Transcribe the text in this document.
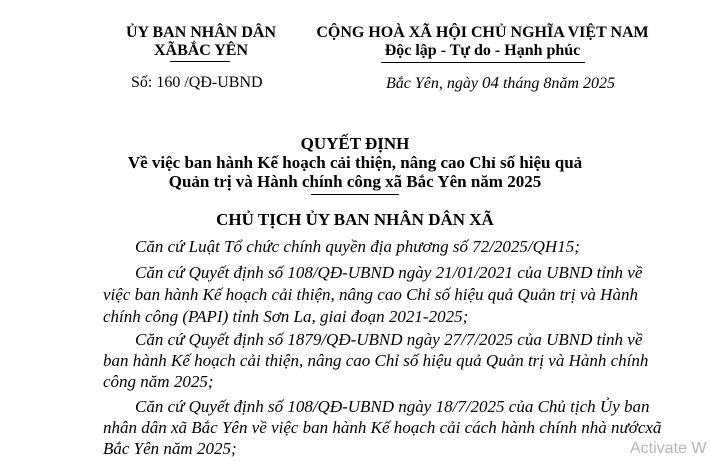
ỦY BAN NHÂN DÂN
XÃBẮC YÊN
Số: 160 /QĐ-UBND
CỘNG HOÀ XÃ HỘI CHỦ NGHĨA VIỆT NAM
Độc lập - Tự do - Hạnh phúc
Bắc Yên, ngày 04 tháng 8năm 2025
QUYẾT ĐỊNH
Về việc ban hành Kế hoạch cải thiện, nâng cao Chỉ số hiệu quả
Quản trị và Hành chính công xã Bắc Yên năm 2025
CHỦ TỊCH ỦY BAN NHÂN DÂN XÃ
Căn cứ Luật Tổ chức chính quyền địa phương số 72/2025/QH15;
Căn cứ Quyết định số 108/QĐ-UBND ngày 21/01/2021 của UBND tỉnh về
việc ban hành Kế hoạch cải thiện, nâng cao Chỉ số hiệu quả Quản trị và Hành
chính công (PAPI) tỉnh Sơn La, giai đoạn 2021-2025;
Căn cứ Quyết định số 1879/QĐ-UBND ngày 27/7/2025 của UBND tỉnh về
ban hành Kế hoạch cải thiện, nâng cao Chỉ số hiệu quả Quản trị và Hành chính
công năm 2025;
Căn cứ Quyết định số 108/QĐ-UBND ngày 18/7/2025 của Chủ tịch Ủy ban
nhân dân xã Bắc Yên về việc ban hành Kế hoạch cải cách hành chính nhà nướcxã
Bắc Yên năm 2025;	Activate W
